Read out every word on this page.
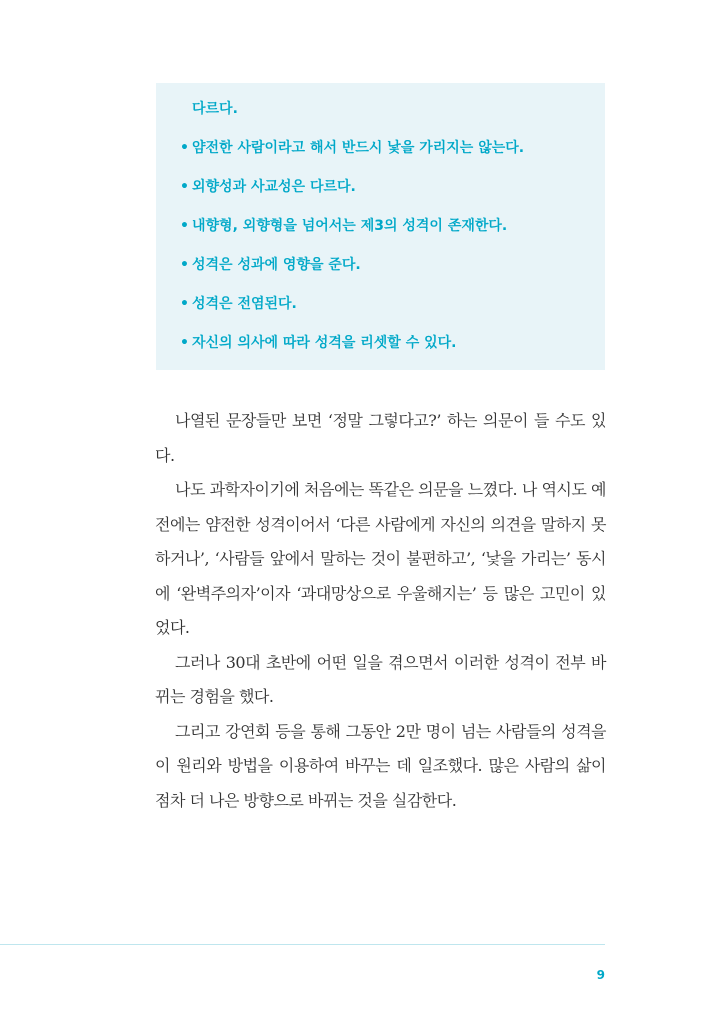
다르다.
• 얌전한 사람이라고 해서 반드시 낯을 가리지는 않는다.
• 외향성과 사교성은 다르다.
• 내향형, 외향형을 넘어서는 제3의 성격이 존재한다.
• 성격은 성과에 영향을 준다.
• 성격은 전염된다.
• 자신의 의사에 따라 성격을 리셋할 수 있다.

나열된 문장들만 보면 ‘정말 그렇다고?’ 하는 의문이 들 수도 있다.

나도 과학자이기에 처음에는 똑같은 의문을 느꼈다. 나 역시도 예전에는 얌전한 성격이어서 ‘다른 사람에게 자신의 의견을 말하지 못하거나’, ‘사람들 앞에서 말하는 것이 불편하고’, ‘낯을 가리는’ 동시에 ‘완벽주의자’이자 ‘과대망상으로 우울해지는’ 등 많은 고민이 있었다.

그러나 30대 초반에 어떤 일을 겪으면서 이러한 성격이 전부 바뀌는 경험을 했다.

그리고 강연회 등을 통해 그동안 2만 명이 넘는 사람들의 성격을 이 원리와 방법을 이용하여 바꾸는 데 일조했다. 많은 사람의 삶이 점차 더 나은 방향으로 바뀌는 것을 실감한다.

9
